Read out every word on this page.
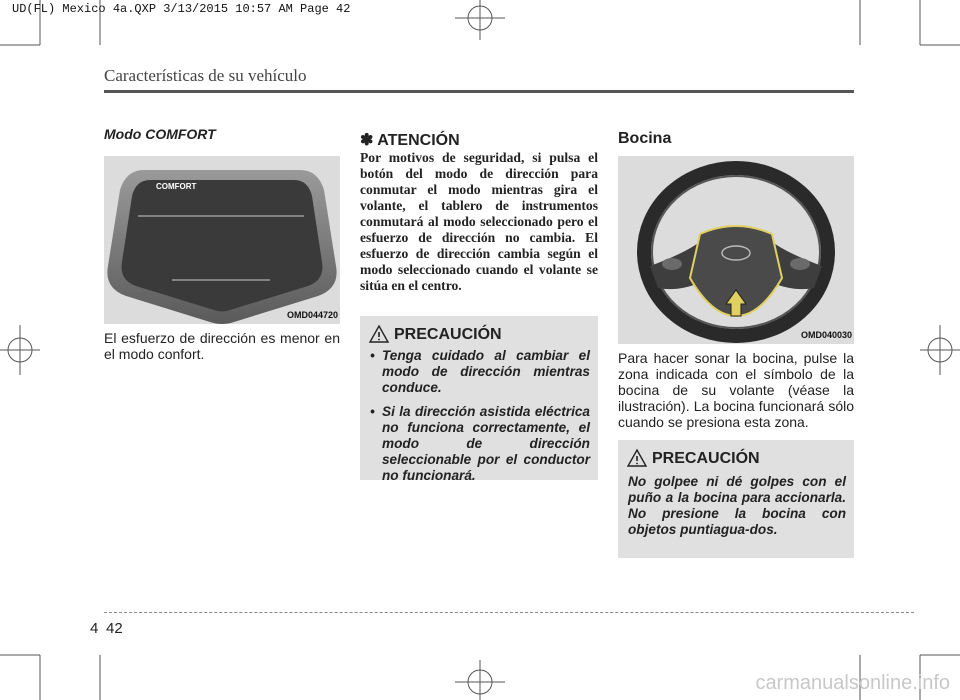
UD(FL) Mexico 4a.QXP 3/13/2015 10:57 AM Page 42
Características de su vehículo
Modo COMFORT
COMFORT
OMD044720
El esfuerzo de dirección es menor en el modo confort.
✽ ATENCIÓN
Por motivos de seguridad, si pulsa el botón del modo de dirección para conmutar el modo mientras gira el volante, el tablero de instrumentos conmutará al modo seleccionado pero el esfuerzo de dirección no cambia. El esfuerzo de dirección cambia según el modo seleccionado cuando el volante se sitúa en el centro.
PRECAUCIÓN
• Tenga cuidado al cambiar el modo de dirección mientras conduce.
• Si la dirección asistida eléctrica no funciona correctamente, el modo de dirección seleccionable por el conductor no funcionará.
Bocina
OMD040030
Para hacer sonar la bocina, pulse la zona indicada con el símbolo de la bocina de su volante (véase la ilustración). La bocina funcionará sólo cuando se presiona esta zona.
PRECAUCIÓN
No golpee ni dé golpes con el puño a la bocina para accionarla. No presione la bocina con objetos puntiagua-dos.
4 42
carmanualsonline.info
